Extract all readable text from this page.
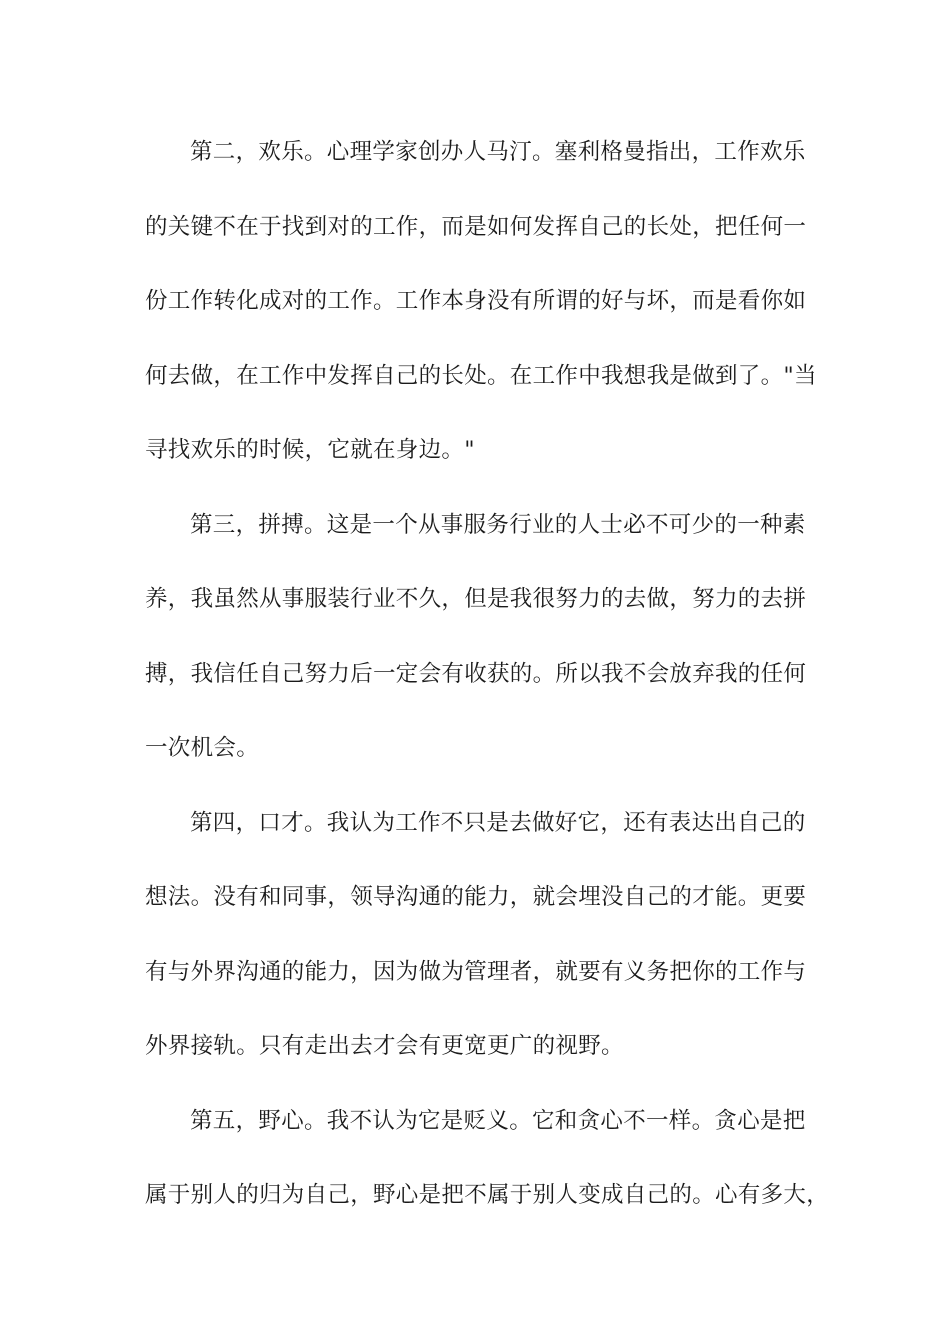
第二，欢乐。心理学家创办人马汀。塞利格曼指出，工作欢乐
的关键不在于找到对的工作，而是如何发挥自己的长处，把任何一
份工作转化成对的工作。工作本身没有所谓的好与坏，而是看你如
何去做，在工作中发挥自己的长处。在工作中我想我是做到了。"当
寻找欢乐的时候，它就在身边。"
第三，拼搏。这是一个从事服务行业的人士必不可少的一种素
养，我虽然从事服装行业不久，但是我很努力的去做，努力的去拼
搏，我信任自己努力后一定会有收获的。所以我不会放弃我的任何
一次机会。
第四，口才。我认为工作不只是去做好它，还有表达出自己的
想法。没有和同事，领导沟通的能力，就会埋没自己的才能。更要
有与外界沟通的能力，因为做为管理者，就要有义务把你的工作与
外界接轨。只有走出去才会有更宽更广的视野。
第五，野心。我不认为它是贬义。它和贪心不一样。贪心是把
属于别人的归为自己，野心是把不属于别人变成自己的。心有多大，
